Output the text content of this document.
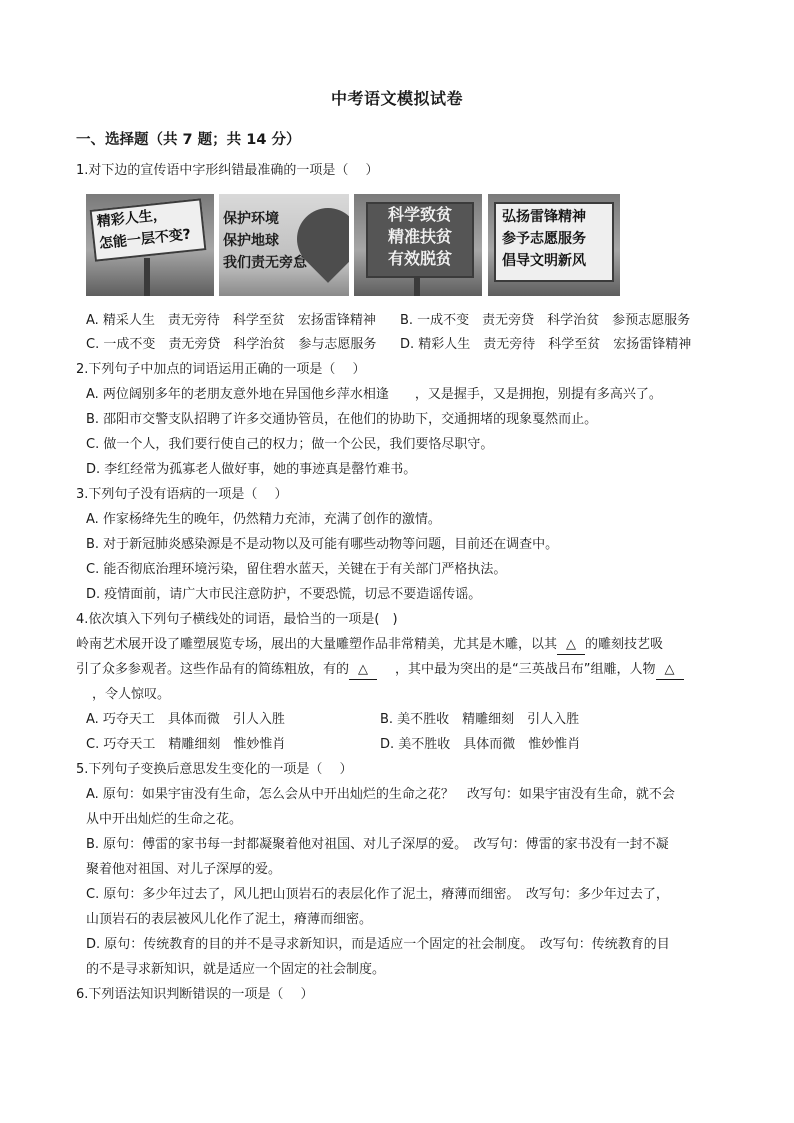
中考语文模拟试卷
一、选择题（共 7 题；共 14 分）
1.对下边的宣传语中字形纠错最准确的一项是（　 ）
精彩人生，
怎能一层不变?
保护环境
保护地球
我们责无旁怠
科学致贫
精准扶贫
有效脱贫
弘扬雷锋精神
参予志愿服务
倡导文明新风
A. 精采人生　责无旁待　科学至贫　宏扬雷锋精神 B. 一成不变　责无旁贷　科学治贫　参预志愿服务
C. 一成不变　责无旁贷　科学治贫　参与志愿服务 D. 精彩人生　责无旁待　科学至贫　宏扬雷锋精神
2.下列句子中加点的词语运用正确的一项是（　 ）
A. 两位阔别多年的老朋友意外地在异国他乡萍水相逢　　，又是握手，又是拥抱，别提有多高兴了。
B. 邵阳市交警支队招聘了许多交通协管员，在他们的协助下，交通拥堵的现象戛然而止。
C. 做一个人，我们要行使自己的权力；做一个公民，我们要恪尽职守。
D. 李红经常为孤寡老人做好事，她的事迹真是罄竹难书。
3.下列句子没有语病的一项是（　 ）
A. 作家杨绛先生的晚年，仍然精力充沛，充满了创作的激情。
B. 对于新冠肺炎感染源是不是动物以及可能有哪些动物等问题，目前还在调查中。
C. 能否彻底治理环境污染，留住碧水蓝天，关键在于有关部门严格执法。
D. 疫情面前，请广大市民注意防护，不要恐慌，切忌不要造谣传谣。
4.依次填入下列句子横线处的词语，最恰当的一项是(　)
岭南艺术展开设了雕塑展览专场，展出的大量雕塑作品非常精美，尤其是木雕，以其 △ 的雕刻技艺吸
引了众多参观者。这些作品有的简练粗放，有的 △ ，其中最为突出的是“三英战吕布”组雕，人物 △
，令人惊叹。
A. 巧夺天工　具体而微　引人入胜	B. 美不胜收　精雕细刻　引人入胜
C. 巧夺天工　精雕细刻　惟妙惟肖	D. 美不胜收　具体而微　惟妙惟肖
5.下列句子变换后意思发生变化的一项是（　 ）
A. 原句：如果宇宙没有生命，怎么会从中开出灿烂的生命之花？　改写句：如果宇宙没有生命，就不会
从中开出灿烂的生命之花。
B. 原句：傅雷的家书每一封都凝聚着他对祖国、对儿子深厚的爱。　改写句：傅雷的家书没有一封不凝
聚着他对祖国、对儿子深厚的爱。
C. 原句：多少年过去了，风儿把山顶岩石的表层化作了泥土，瘠薄而细密。　改写句：多少年过去了，
山顶岩石的表层被风儿化作了泥土，瘠薄而细密。
D. 原句：传统教育的目的并不是寻求新知识，而是适应一个固定的社会制度。　改写句：传统教育的目
的不是寻求新知识，就是适应一个固定的社会制度。
6.下列语法知识判断错误的一项是（　 ）
